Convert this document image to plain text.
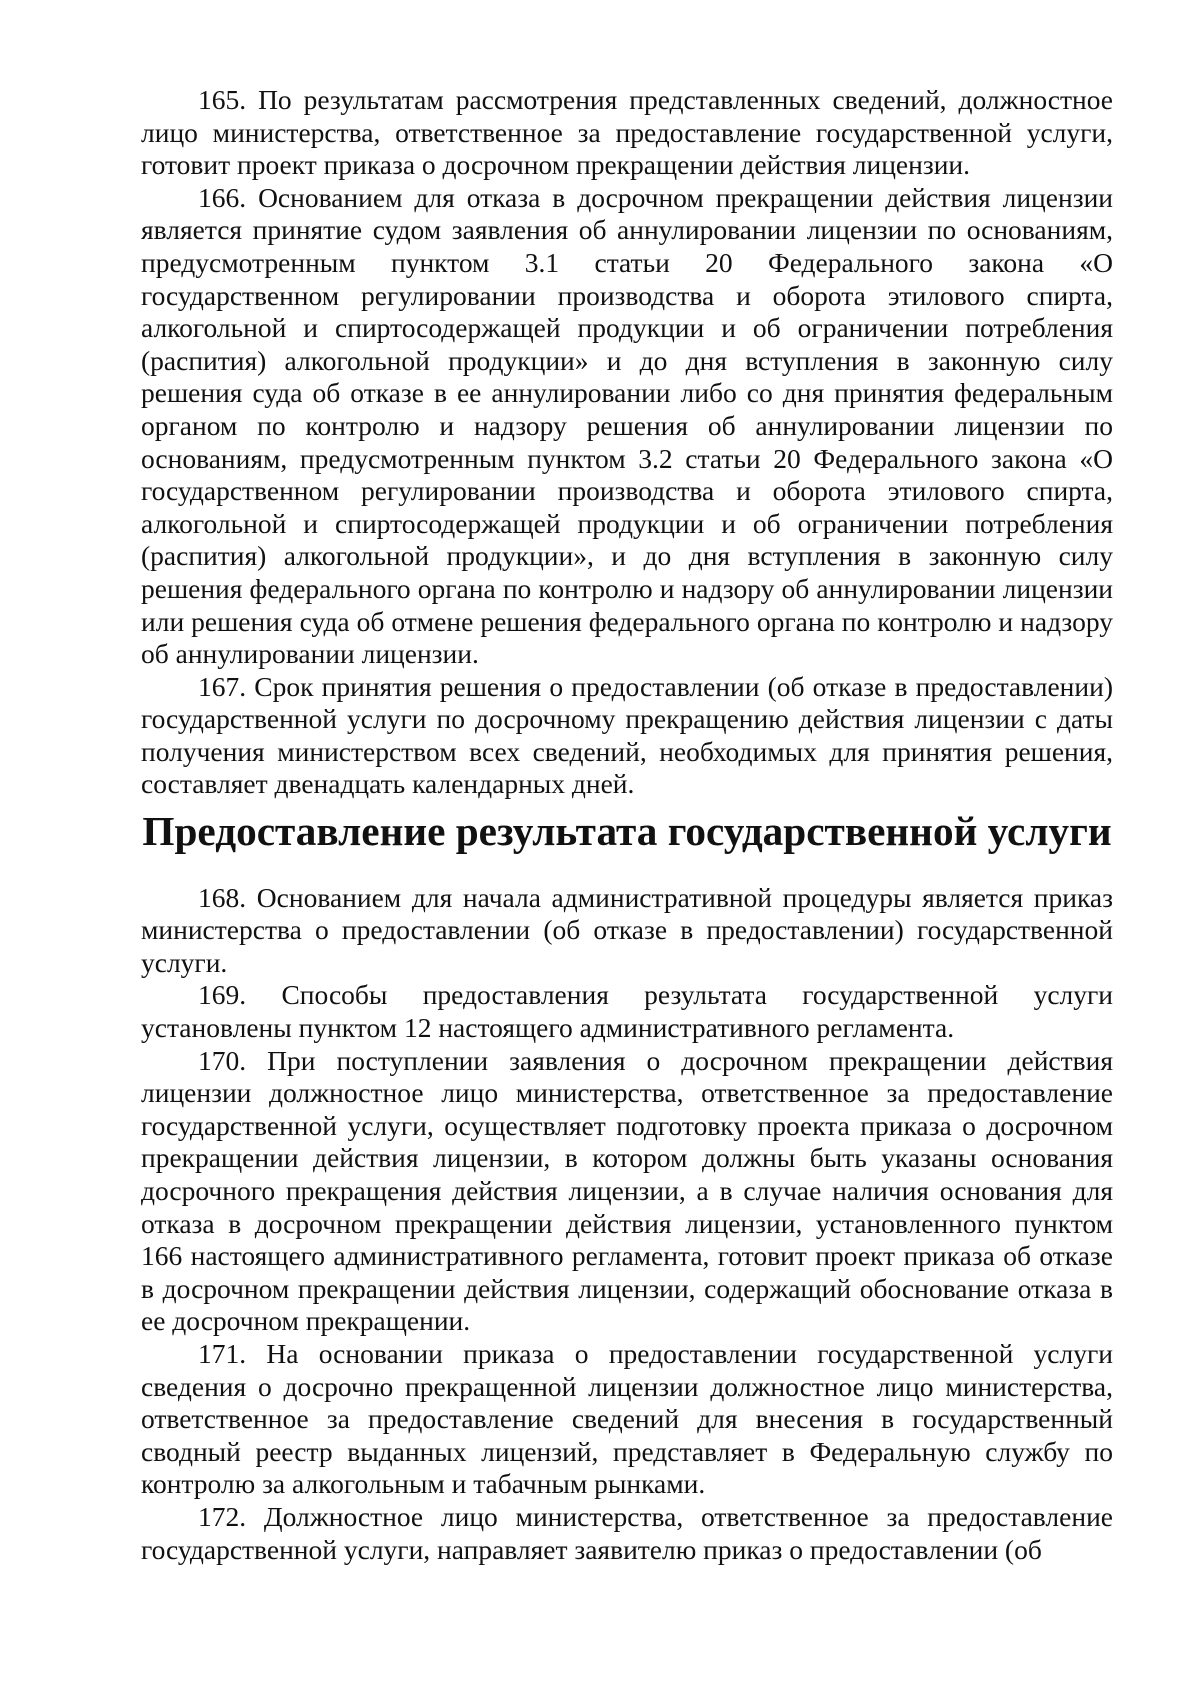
165. По результатам рассмотрения представленных сведений, должностное лицо министерства, ответственное за предоставление государственной услуги, готовит проект приказа о досрочном прекращении действия лицензии.

166. Основанием для отказа в досрочном прекращении действия лицензии является принятие судом заявления об аннулировании лицензии по основаниям, предусмотренным пунктом 3.1 статьи 20 Федерального закона «О государственном регулировании производства и оборота этилового спирта, алкогольной и спиртосодержащей продукции и об ограничении потребления (распития) алкогольной продукции» и до дня вступления в законную силу решения суда об отказе в ее аннулировании либо со дня принятия федеральным органом по контролю и надзору решения об аннулировании лицензии по основаниям, предусмотренным пунктом 3.2 статьи 20 Федерального закона «О государственном регулировании производства и оборота этилового спирта, алкогольной и спиртосодержащей продукции и об ограничении потребления (распития) алкогольной продукции», и до дня вступления в законную силу решения федерального органа по контролю и надзору об аннулировании лицензии или решения суда об отмене решения федерального органа по контролю и надзору об аннулировании лицензии.

167. Срок принятия решения о предоставлении (об отказе в предоставлении) государственной услуги по досрочному прекращению действия лицензии с даты получения министерством всех сведений, необходимых для принятия решения, составляет двенадцать календарных дней.

Предоставление результата государственной услуги

168. Основанием для начала административной процедуры является приказ министерства о предоставлении (об отказе в предоставлении) государственной услуги.

169. Способы предоставления результата государственной услуги установлены пунктом 12 настоящего административного регламента.

170. При поступлении заявления о досрочном прекращении действия лицензии должностное лицо министерства, ответственное за предоставление государственной услуги, осуществляет подготовку проекта приказа о досрочном прекращении действия лицензии, в котором должны быть указаны основания досрочного прекращения действия лицензии, а в случае наличия основания для отказа в досрочном прекращении действия лицензии, установленного пунктом 166 настоящего административного регламента, готовит проект приказа об отказе в досрочном прекращении действия лицензии, содержащий обоснование отказа в ее досрочном прекращении.

171. На основании приказа о предоставлении государственной услуги сведения о досрочно прекращенной лицензии должностное лицо министерства, ответственное за предоставление сведений для внесения в государственный сводный реестр выданных лицензий, представляет в Федеральную службу по контролю за алкогольным и табачным рынками.

172. Должностное лицо министерства, ответственное за предоставление государственной услуги, направляет заявителю приказ о предоставлении (об
